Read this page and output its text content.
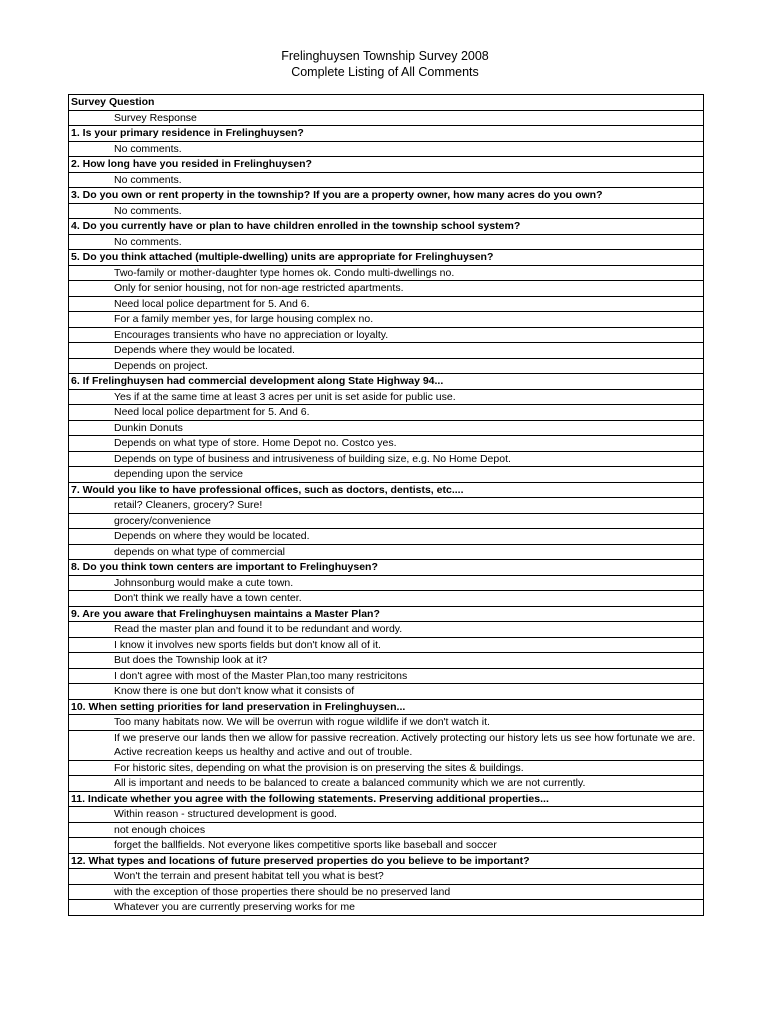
Frelinghuysen Township Survey 2008
Complete Listing of All Comments
Survey Question
Survey Response
1. Is your primary residence in Frelinghuysen?
No comments.
2. How long have you resided in Frelinghuysen?
No comments.
3. Do you own or rent property in the township? If you are a property owner, how many acres do you own?
No comments.
4. Do you currently have or plan to have children enrolled in the township school system?
No comments.
5. Do you think attached (multiple-dwelling) units are appropriate for Frelinghuysen?
Two-family or mother-daughter type homes ok. Condo multi-dwellings no.
Only for senior housing, not for non-age restricted apartments.
Need local police department for 5. And 6.
For a family member yes, for large housing complex no.
Encourages transients who have no appreciation or loyalty.
Depends where they would be located.
Depends on project.
6. If Frelinghuysen had commercial development along State Highway 94...
Yes if at the same time at least 3 acres per unit is set aside for public use.
Need local police department for 5. And 6.
Dunkin Donuts
Depends on what type of store. Home Depot no. Costco yes.
Depends on type of business and intrusiveness of building size, e.g. No Home Depot.
depending upon the service
7. Would you like to have professional offices, such as doctors, dentists, etc....
retail? Cleaners, grocery? Sure!
grocery/convenience
Depends on where they would be located.
depends on what type of commercial
8. Do you think town centers are important to Frelinghuysen?
Johnsonburg would make a cute town.
Don't think we really have a town center.
9. Are you aware that Frelinghuysen maintains a Master Plan?
Read the master plan and found it to be redundant and wordy.
I know it involves new sports fields but don't know all of it.
But does the Township look at it?
I don't agree with most of the Master Plan,too many restricitons
Know there is one but don't know what it consists of
10. When setting priorities for land preservation in Frelinghuysen...
Too many habitats now. We will be overrun with rogue wildlife if we don't watch it.
If we preserve our lands then we allow for passive recreation. Actively protecting our history lets us see how fortunate we are. Active recreation keeps us healthy and active and out of trouble.
For historic sites, depending on what the provision is on preserving the sites & buildings.
All is important and needs to be balanced to create a balanced community which we are not currently.
11. Indicate whether you agree with the following statements. Preserving additional properties...
Within reason - structured development is good.
not enough choices
forget the ballfields. Not everyone likes competitive sports like baseball and soccer
12. What types and locations of future preserved properties do you believe to be important?
Won't the terrain and present habitat tell you what is best?
with the exception of those properties there should be no preserved land
Whatever you are currently preserving works for me
